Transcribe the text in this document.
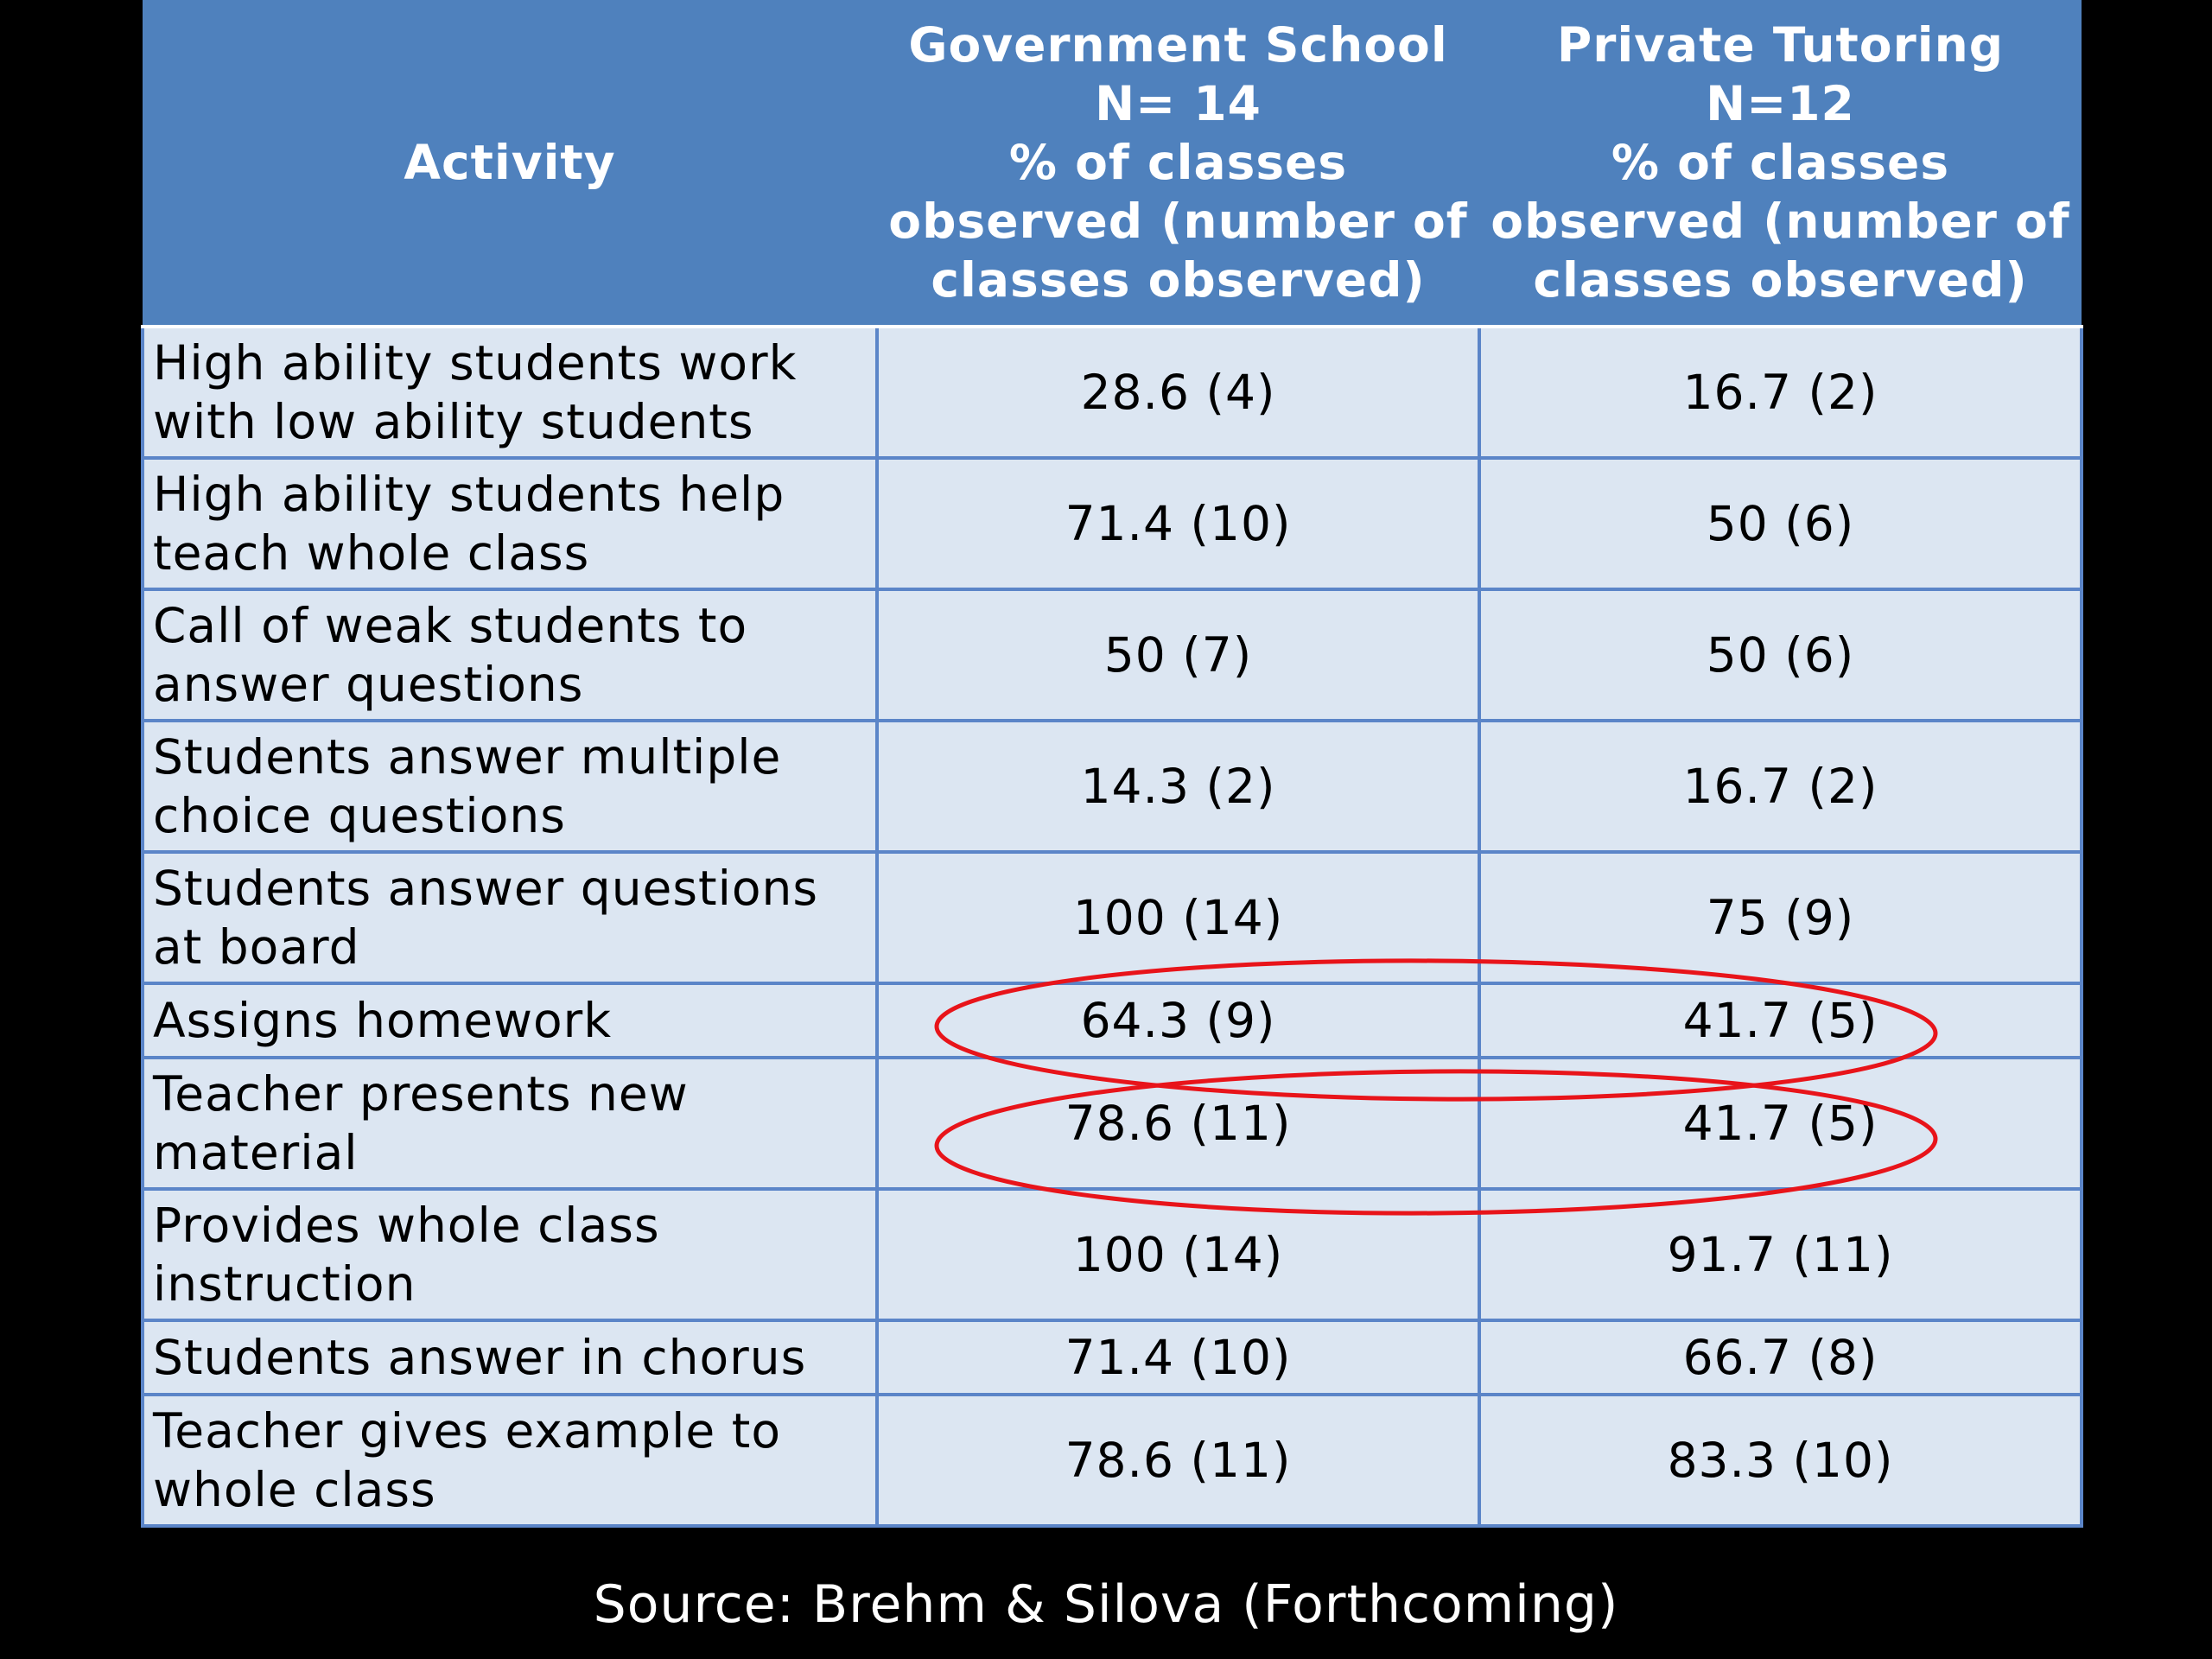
Activity	Government School
N= 14
% of classes
observed (number of
classes observed)	Private Tutoring
N=12
% of classes
observed (number of
classes observed)

High ability students work
with low ability students	28.6 (4)	16.7 (2)
High ability students help
teach whole class	71.4 (10)	50 (6)
Call of weak students to
answer questions	50 (7)	50 (6)
Students answer multiple
choice questions	14.3 (2)	16.7 (2)
Students answer questions
at board	100 (14)	75 (9)
Assigns homework	64.3 (9)	41.7 (5)
Teacher presents new
material	78.6 (11)	41.7 (5)
Provides whole class
instruction	100 (14)	91.7 (11)
Students answer in chorus	71.4 (10)	66.7 (8)
Teacher gives example to
whole class	78.6 (11)	83.3 (10)
Source: Brehm & Silova (Forthcoming)
